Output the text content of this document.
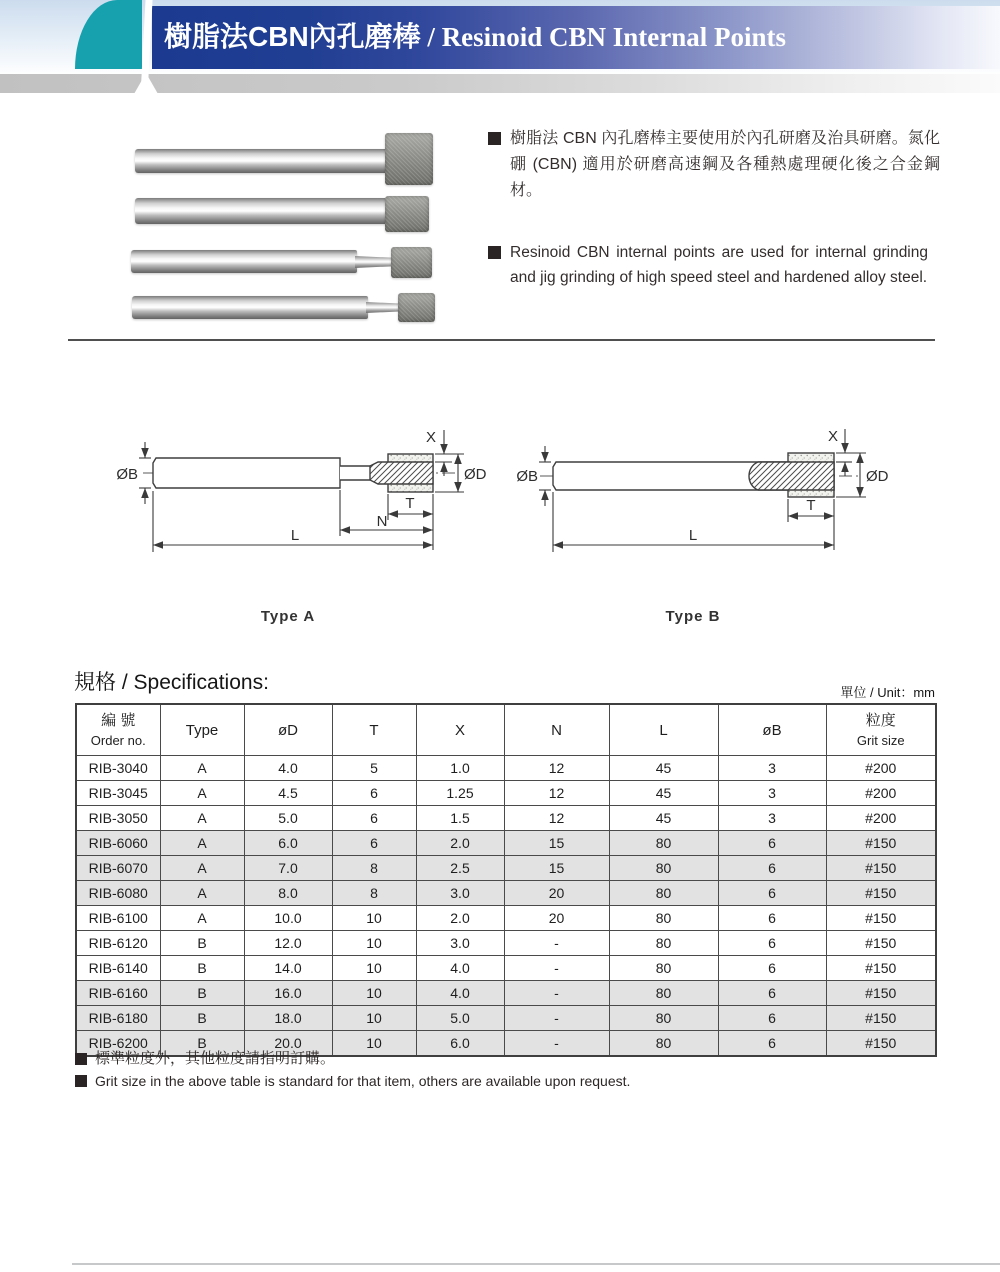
樹脂法CBN內孔磨棒 / Resinoid CBN Internal Points

樹脂法 CBN 內孔磨棒主要使用於內孔研磨及治具研磨。氮化硼 (CBN) 適用於研磨高速鋼及各種熱處理硬化後之合金鋼材。

Resinoid CBN internal points are used for internal grinding and jig grinding of high speed steel and hardened alloy steel.

ØB
X
ØD
T
N
L
Type A
ØB
X
ØD
T
L
Type B
規格 / Specifications:	單位 / Unit：mm
編 號
Order no.	Type	øD	T	X	N	L	øB	粒度
Grit size
RIB-3040	A	4.0	5	1.0	12	45	3	#200
RIB-3045	A	4.5	6	1.25	12	45	3	#200
RIB-3050	A	5.0	6	1.5	12	45	3	#200
RIB-6060	A	6.0	6	2.0	15	80	6	#150
RIB-6070	A	7.0	8	2.5	15	80	6	#150
RIB-6080	A	8.0	8	3.0	20	80	6	#150
RIB-6100	A	10.0	10	2.0	20	80	6	#150
RIB-6120	B	12.0	10	3.0	-	80	6	#150
RIB-6140	B	14.0	10	4.0	-	80	6	#150
RIB-6160	B	16.0	10	4.0	-	80	6	#150
RIB-6180	B	18.0	10	5.0	-	80	6	#150
RIB-6200	B	20.0	10	6.0	-	80	6	#150

標準粒度外，其他粒度請指明訂購。

Grit size in the above table is standard for that item, others are available upon request.
